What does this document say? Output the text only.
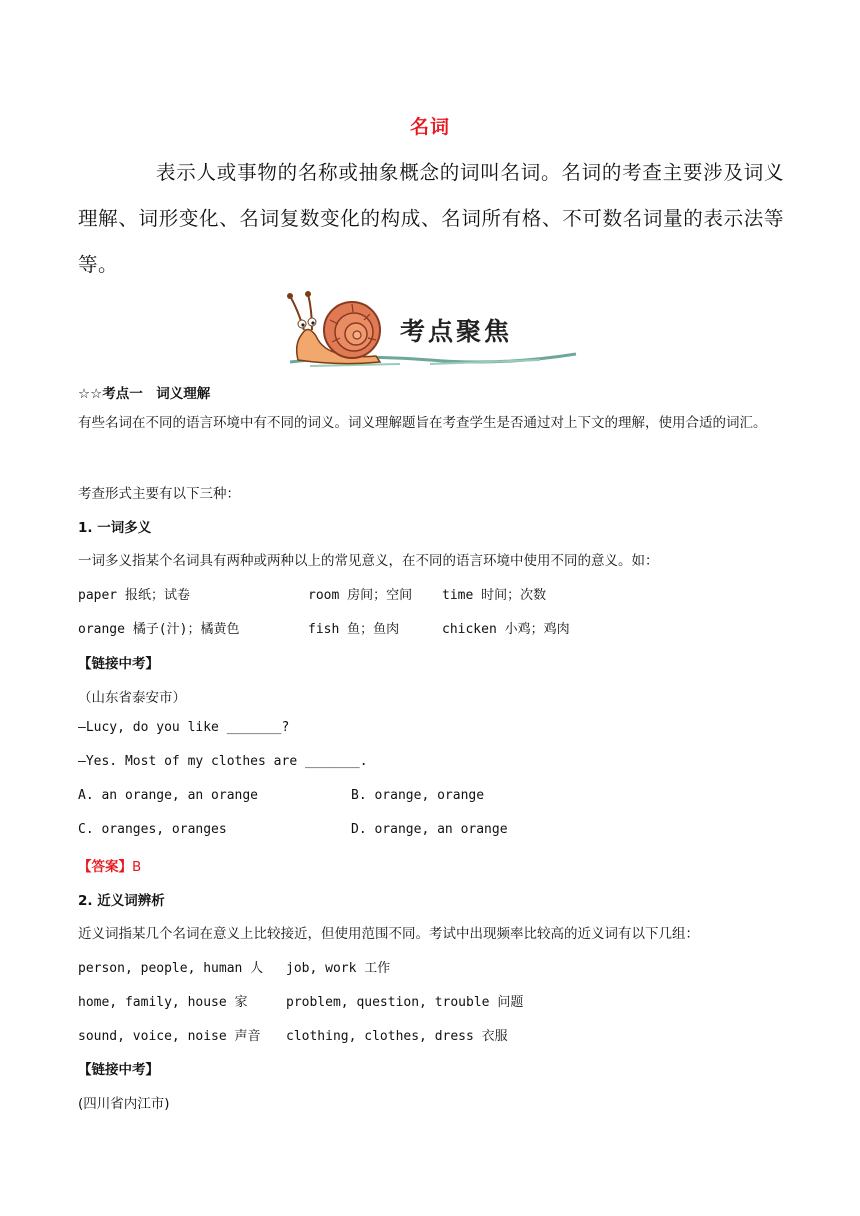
名词
表示人或事物的名称或抽象概念的词叫名词。名词的考查主要涉及词义理解、词形变化、名词复数变化的构成、名词所有格、不可数名词量的表示法等等。
考点聚焦
☆☆考点一　词义理解
有些名词在不同的语言环境中有不同的词义。词义理解题旨在考查学生是否通过对上下文的理解，使用合适的词汇。
考查形式主要有以下三种：
1. 一词多义
一词多义指某个名词具有两种或两种以上的常见意义，在不同的语言环境中使用不同的意义。如：
paper 报纸；试卷	room 房间；空间 time 时间；次数
orange 橘子(汁)；橘黄色	fish 鱼；鱼肉	chicken 小鸡；鸡肉
【链接中考】
（山东省泰安市）
—Lucy, do you like _______?
—Yes. Most of my clothes are _______.
A. an orange, an orange	B. orange, orange
C. oranges, oranges	D. orange, an orange
【答案】B
2. 近义词辨析
近义词指某几个名词在意义上比较接近，但使用范围不同。考试中出现频率比较高的近义词有以下几组：
person, people, human 人 job, work 工作
home, family, house 家	problem, question, trouble 问题
sound, voice, noise 声音 clothing, clothes, dress 衣服
【链接中考】
(四川省内江市)
